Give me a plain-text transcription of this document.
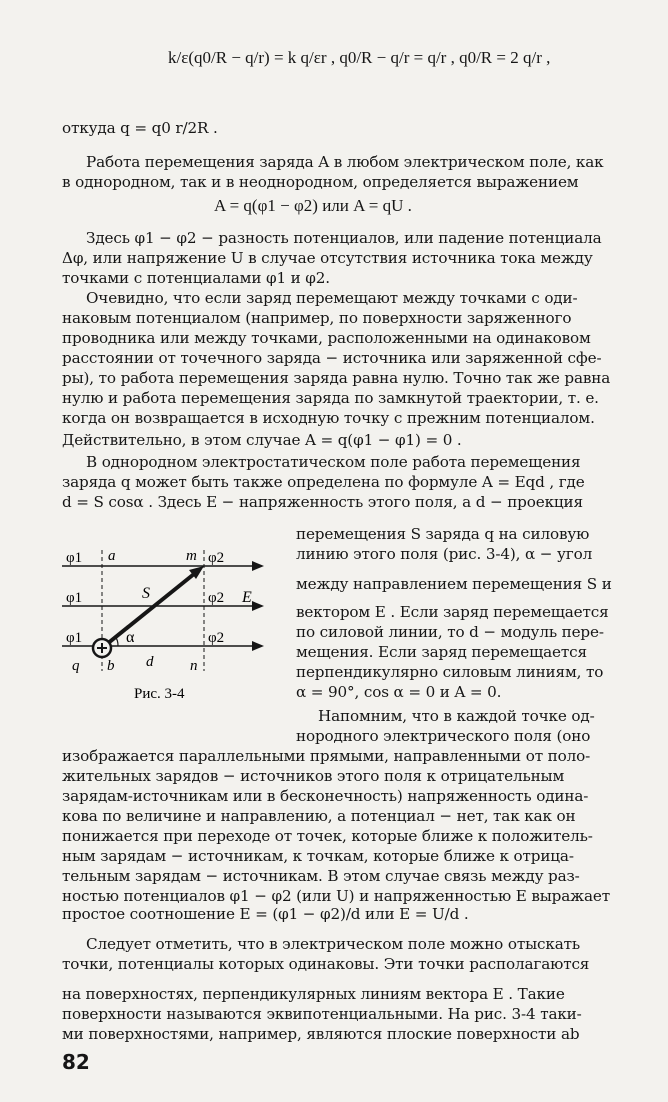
k/ε(q0/R − q/r) = k q/εr , q0/R − q/r = q/r , q0/R = 2 q/r ,
откуда q = q0 r/2R .
Работа перемещения заряда A в любом электрическом поле, как
в однородном, так и в неоднородном, определяется выражением
A = q(φ1 − φ2) или A = qU .
Здесь φ1 − φ2 − разность потенциалов, или падение потенциала
Δφ, или напряжение U в случае отсутствия источника тока между
точками с потенциалами φ1 и φ2.
Очевидно, что если заряд перемещают между точками с оди-
наковым потенциалом (например, по поверхности заряженного
проводника или между точками, расположенными на одинаковом
расстоянии от точечного заряда − источника или заряженной сфе-
ры), то работа перемещения заряда равна нулю. Точно так же равна
нулю и работа перемещения заряда по замкнутой траектории, т. е.
когда он возвращается в исходную точку с прежним потенциалом.
Действительно, в этом случае A = q(φ1 − φ1) = 0 .
В однородном электростатическом поле работа перемещения
заряда q может быть также определена по формуле A = Eqd , где
d = S cosα . Здесь E − напряженность этого поля, а d − проекция
перемещения S заряда q на силовую
линию этого поля (рис. 3-4), α − угол
между направлением перемещения S и
вектором E . Если заряд перемещается
по силовой линии, то d − модуль пере-
мещения. Если заряд перемещается
перпендикулярно силовым линиям, то
α = 90°, cos α = 0 и A = 0.
Напомним, что в каждой точке од-
нородного электрического поля (оно
изображается параллельными прямыми, направленными от поло-
жительных зарядов − источников этого поля к отрицательным
зарядам-источникам или в бесконечность) напряженность одина-
кова по величине и направлению, а потенциал − нет, так как он
понижается при переходе от точек, которые ближе к положитель-
ным зарядам − источникам, к точкам, которые ближе к отрица-
тельным зарядам − источникам. В этом случае связь между раз-
ностью потенциалов φ1 − φ2 (или U) и напряженностью E выражает
простое соотношение E = (φ1 − φ2)/d или E = U/d .
Следует отметить, что в электрическом поле можно отыскать
точки, потенциалы которых одинаковы. Эти точки располагаются
на поверхностях, перпендикулярных линиям вектора E . Такие
поверхности называются эквипотенциальными. На рис. 3-4 таки-
ми поверхностями, например, являются плоские поверхности ab
82
φ1
φ1
φ1
φ2
φ2
φ2
a	m
S	E
α
q b d n
Рис. 3-4
